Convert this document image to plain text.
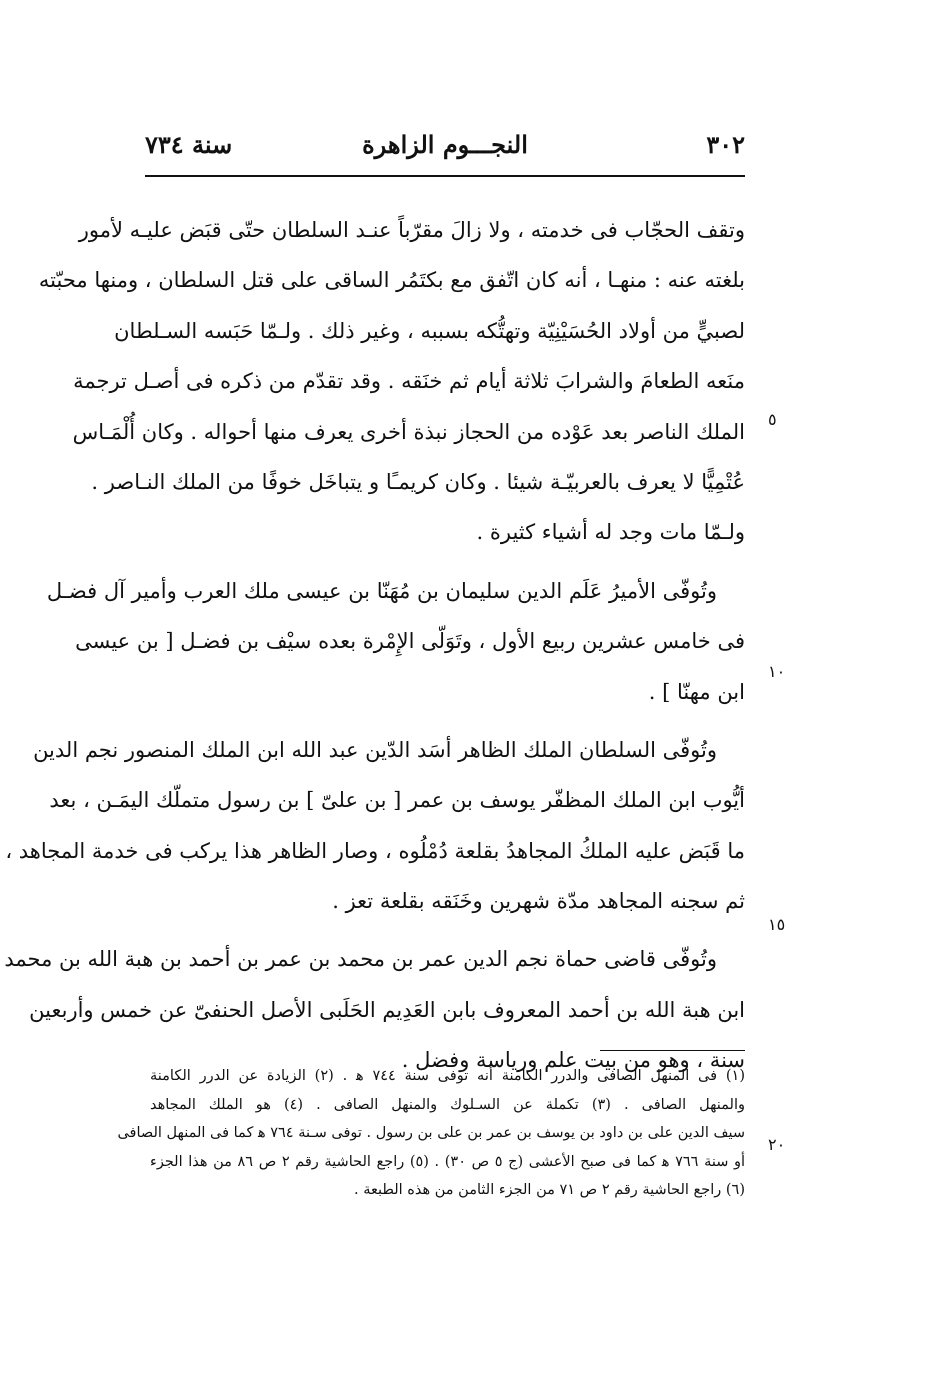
٣٠٢
النجـــوم الزاهرة
سنة ٧٣٤
٥
١٠
١٥
٢٠
وتقف الحجّاب فى خدمته ، ولا زالَ مقرّباً عنـد السلطان حتّى قبَض عليـه لأمور
بلغته عنه : منهـا ، أنه كان اتّفق مع بكتَمُر الساقى على قتل السلطان ، ومنها محبّته
لصبيٍّ من أولاد الحُسَيْنِيّة وتهتُّكه بسببه ، وغير ذلك . ولـمّا حَبَسه السـلطان
منَعه الطعامَ والشرابَ ثلاثة أيام ثم خنَقه . وقد تقدّم من ذكره فى أصـل ترجمة
الملك الناصر بعد عَوْده من الحجاز نبذة أخرى يعرف منها أحواله . وكان أُلْمَـاس
عُتْمِيًّا لا يعرف بالعربيّـة شيئا . وكان كريمـًا و يتباخَل خوفًا من الملك النـاصر .
ولـمّا مات وجد له أشياء كثيرة .
وتُوفّى الأميرُ عَلَم الدين سليمان بن مُهَنّا بن عيسى ملك العرب وأمير آل فضـل
فى خامس عشرين ربيع الأول ، وتَوَلّى الإِمْرة بعده سيْف بن فضـل [ بن عيسى
ابن مهنّا ] .
وتُوفّى السلطان الملك الظاهر أسَد الدّين عبد الله ابن الملك المنصور نجم الدين
أيُّوب ابن الملك المظفّر يوسف بن عمر [ بن علىّ ] بن رسول متملّك اليمَـن ، بعد
ما قَبَض عليه الملكُ المجاهدُ بقلعة دُمْلُوه ، وصار الظاهر هذا يركب فى خدمة المجاهد ،
ثم سجنه المجاهد مدّة شهرين وخَنَقه بقلعة تعز .
وتُوفّى قاضى حماة نجم الدين عمر بن محمد بن عمر بن أحمد بن هبة الله بن محمد
ابن هبة الله بن أحمد المعروف بابن العَدِيم الحَلَبى الأصل الحنفىّ عن خمس وأربعين
سنة ، وهو من بيت علم ورياسة وفضل .
(١) فى المنهل الصافى والدرر الكامنة أنه توفى سنة ٧٤٤ ﻫ . (٢) الزيادة عن الدرر الكامنة
والمنهل الصافى . (٣) تكملة عن السـلوك والمنهل الصافى . (٤) هو الملك المجاهد
سيف الدين على بن داود بن يوسف بن عمر بن على بن رسول . توفى سـنة ٧٦٤ ﻫ كما فى المنهل الصافى
أو سنة ٧٦٦ ﻫ كما فى صبح الأعشى (ج ٥ ص ٣٠) . (٥) راجع الحاشية رقم ٢ ص ٨٦ من هذا الجزء
(٦) راجع الحاشية رقم ٢ ص ٧١ من الجزء الثامن من هذه الطبعة .
